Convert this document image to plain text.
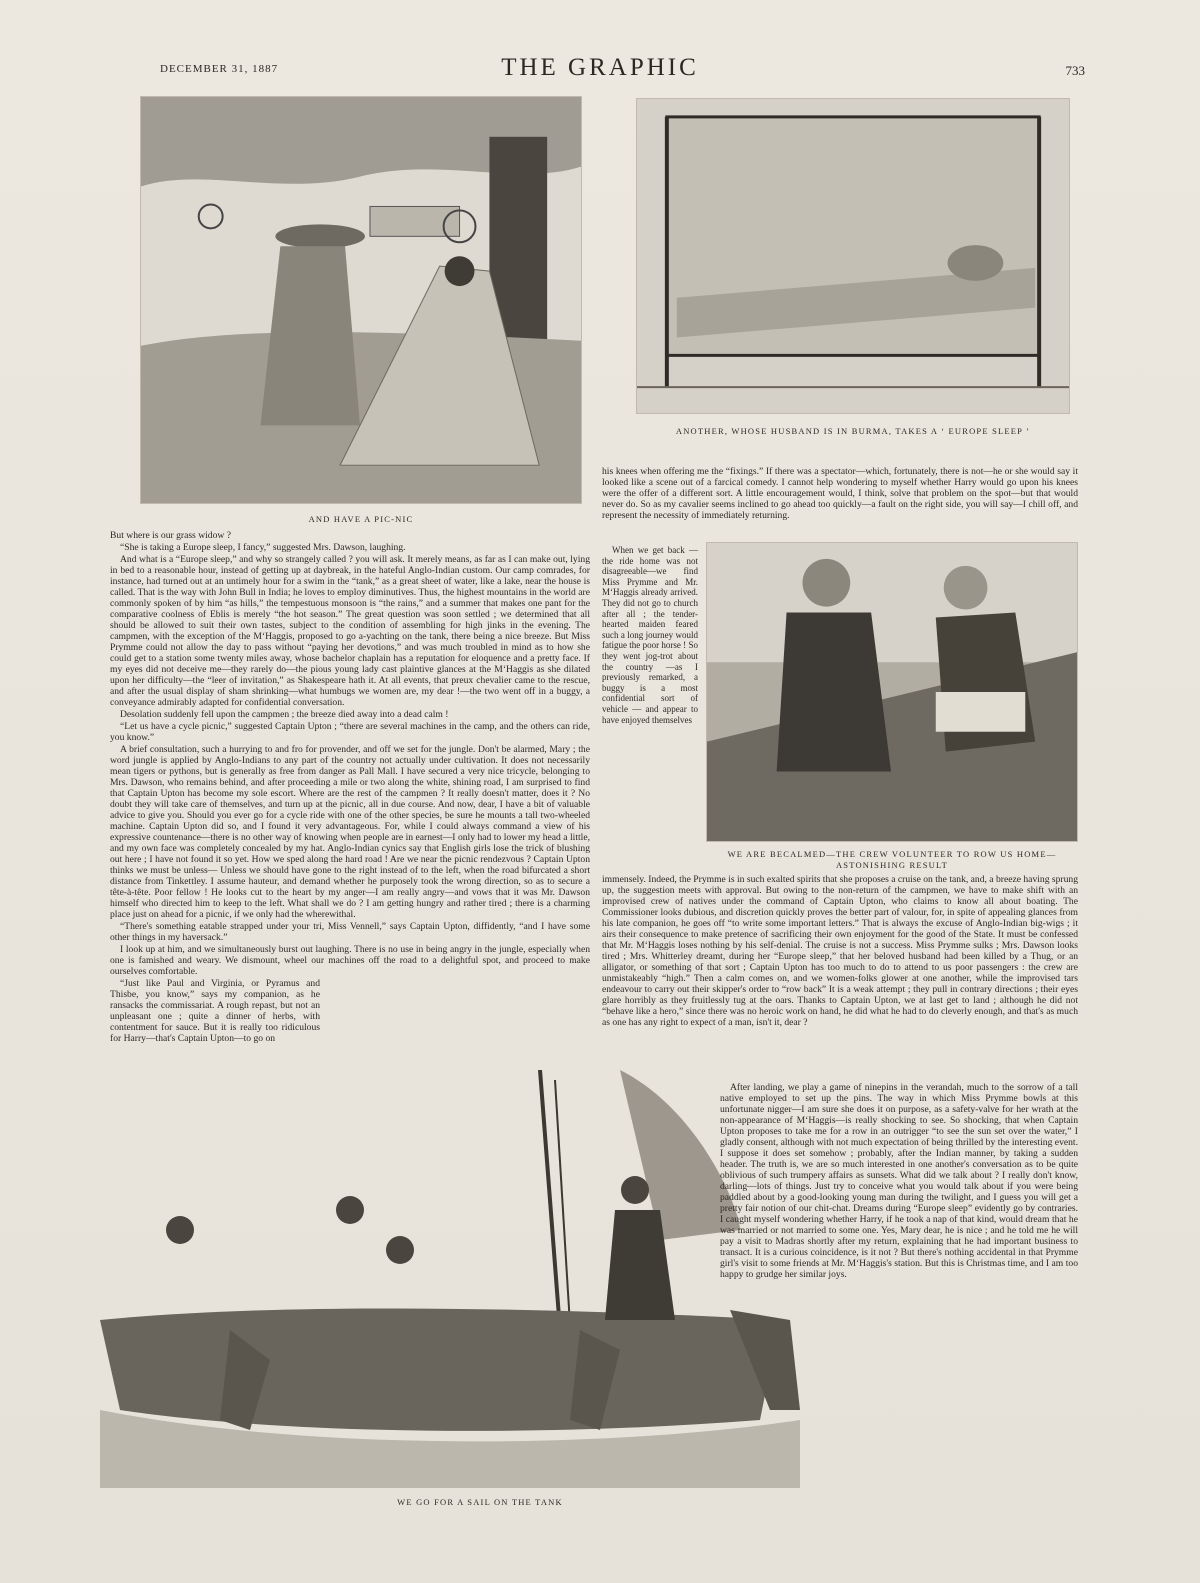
DECEMBER 31, 1887	THE GRAPHIC	733
AND HAVE A PIC-NIC
ANOTHER, WHOSE HUSBAND IS IN BURMA, TAKES A ‘ EUROPE SLEEP ’
WE ARE BECALMED—THE CREW VOLUNTEER TO ROW US HOME—
ASTONISHING RESULT
WE GO FOR A SAIL ON THE TANK

But where is our grass widow ?

“She is taking a Europe sleep, I fancy,” suggested Mrs. Dawson, laughing.

And what is a “Europe sleep,” and why so strangely called ? you will ask. It merely means, as far as I can make out, lying in bed to a reasonable hour, instead of getting up at daybreak, in the hateful Anglo-Indian custom. Our camp comrades, for instance, had turned out at an untimely hour for a swim in the “tank,” as a great sheet of water, like a lake, near the house is called. That is the way with John Bull in India; he loves to employ diminutives. Thus, the highest mountains in the world are commonly spoken of by him “as hills,” the tempestuous monsoon is “the rains,” and a summer that makes one pant for the comparative coolness of Eblis is merely “the hot season.” The great question was soon settled ; we determined that all should be allowed to suit their own tastes, subject to the condition of assembling for high jinks in the evening. The campmen, with the exception of the M‘Haggis, proposed to go a-yachting on the tank, there being a nice breeze. But Miss Prymme could not allow the day to pass without “paying her devotions,” and was much troubled in mind as to how she could get to a station some twenty miles away, whose bachelor chaplain has a reputation for eloquence and a pretty face. If my eyes did not deceive me—they rarely do—the pious young lady cast plaintive glances at the M‘Haggis as she dilated upon her difficulty—the “leer of invitation,” as Shakespeare hath it. At all events, that preux chevalier came to the rescue, and after the usual display of sham shrinking—what humbugs we women are, my dear !—the two went off in a buggy, a conveyance admirably adapted for confidential conversation.

Desolation suddenly fell upon the campmen ; the breeze died away into a dead calm !

“Let us have a cycle picnic,” suggested Captain Upton ; “there are several machines in the camp, and the others can ride, you know.”

A brief consultation, such a hurrying to and fro for provender, and off we set for the jungle. Don't be alarmed, Mary ; the word jungle is applied by Anglo-Indians to any part of the country not actually under cultivation. It does not necessarily mean tigers or pythons, but is generally as free from danger as Pall Mall. I have secured a very nice tricycle, belonging to Mrs. Dawson, who remains behind, and after proceeding a mile or two along the white, shining road, I am surprised to find that Captain Upton has become my sole escort. Where are the rest of the campmen ? It really doesn't matter, does it ? No doubt they will take care of themselves, and turn up at the picnic, all in due course. And now, dear, I have a bit of valuable advice to give you. Should you ever go for a cycle ride with one of the other species, be sure he mounts a tall two-wheeled machine. Captain Upton did so, and I found it very advantageous. For, while I could always command a view of his expressive countenance—there is no other way of knowing when people are in earnest—I only had to lower my head a little, and my own face was completely concealed by my hat. Anglo-Indian cynics say that English girls lose the trick of blushing out here ; I have not found it so yet. How we sped along the hard road ! Are we near the picnic rendezvous ? Captain Upton thinks we must be unless— Unless we should have gone to the right instead of to the left, when the road bifurcated a short distance from Tinkettley. I assume hauteur, and demand whether he purposely took the wrong direction, so as to secure a tête-à-tête. Poor fellow ! He looks cut to the heart by my anger—I am really angry—and vows that it was Mr. Dawson himself who directed him to keep to the left. What shall we do ? I am getting hungry and rather tired ; there is a charming place just on ahead for a picnic, if we only had the wherewithal.

“There's something eatable strapped under your tri, Miss Vennell,” says Captain Upton, diffidently, “and I have some other things in my haversack.”

I look up at him, and we simultaneously burst out laughing. There is no use in being angry in the jungle, especially when one is famished and weary. We dismount, wheel our machines off the road to a delightful spot, and proceed to make ourselves comfortable.

“Just like Paul and Virginia, or Pyramus and Thisbe, you know,” says my companion, as he ransacks the commissariat. A rough repast, but not an unpleasant one ; quite a dinner of herbs, with contentment for sauce. But it is really too ridiculous for Harry—that's Captain Upton—to go on

his knees when offering me the “fixings.” If there was a spectator—which, fortunately, there is not—he or she would say it looked like a scene out of a farcical comedy. I cannot help wondering to myself whether Harry would go upon his knees were the offer of a different sort. A little encouragement would, I think, solve that problem on the spot—but that would never do. So as my cavalier seems inclined to go ahead too quickly—a fault on the right side, you will say—I chill off, and represent the necessity of immediately returning.

When we get back — the ride home was not disagreeable—we find Miss Prymme and Mr. M‘Haggis already arrived. They did not go to church after all ; the tender-hearted maiden feared such a long journey would fatigue the poor horse ! So they went jog-trot about the country —as I previously remarked, a buggy is a most confidential sort of vehicle — and appear to have enjoyed themselves

immensely. Indeed, the Prymme is in such exalted spirits that she proposes a cruise on the tank, and, a breeze having sprung up, the suggestion meets with approval. But owing to the non-return of the campmen, we have to make shift with an improvised crew of natives under the command of Captain Upton, who claims to know all about boating. The Commissioner looks dubious, and discretion quickly proves the better part of valour, for, in spite of appealing glances from his late companion, he goes off “to write some important letters.” That is always the excuse of Anglo-Indian big-wigs ; it airs their consequence to make pretence of sacrificing their own enjoyment for the good of the State. It must be confessed that Mr. M‘Haggis loses nothing by his self-denial. The cruise is not a success. Miss Prymme sulks ; Mrs. Dawson looks tired ; Mrs. Whitterley dreamt, during her “Europe sleep,” that her beloved husband had been killed by a Thug, or an alligator, or something of that sort ; Captain Upton has too much to do to attend to us poor passengers : the crew are unmistakeably “high.” Then a calm comes on, and we women-folks glower at one another, while the improvised tars endeavour to carry out their skipper's order to “row back” It is a weak attempt ; they pull in contrary directions ; their eyes glare horribly as they fruitlessly tug at the oars. Thanks to Captain Upton, we at last get to land ; although he did not “behave like a hero,” since there was no heroic work on hand, he did what he had to do cleverly enough, and that's as much as one has any right to expect of a man, isn't it, dear ?

After landing, we play a game of ninepins in the verandah, much to the sorrow of a tall native employed to set up the pins. The way in which Miss Prymme bowls at this unfortunate nigger—I am sure she does it on purpose, as a safety-valve for her wrath at the non-appearance of M‘Haggis—is really shocking to see. So shocking, that when Captain Upton proposes to take me for a row in an outrigger “to see the sun set over the water,” I gladly consent, although with not much expectation of being thrilled by the interesting event. I suppose it does set somehow ; probably, after the Indian manner, by taking a sudden header. The truth is, we are so much interested in one another's conversation as to be quite oblivious of such trumpery affairs as sunsets. What did we talk about ? I really don't know, darling—lots of things. Just try to conceive what you would talk about if you were being paddled about by a good-looking young man during the twilight, and I guess you will get a pretty fair notion of our chit-chat. Dreams during “Europe sleep” evidently go by contraries. I caught myself wondering whether Harry, if he took a nap of that kind, would dream that he was married or not married to some one. Yes, Mary dear, he is nice ; and he told me he will pay a visit to Madras shortly after my return, explaining that he had important business to transact. It is a curious coincidence, is it not ? But there's nothing accidental in that Prymme girl's visit to some friends at Mr. M‘Haggis's station. But this is Christmas time, and I am too happy to grudge her similar joys.
